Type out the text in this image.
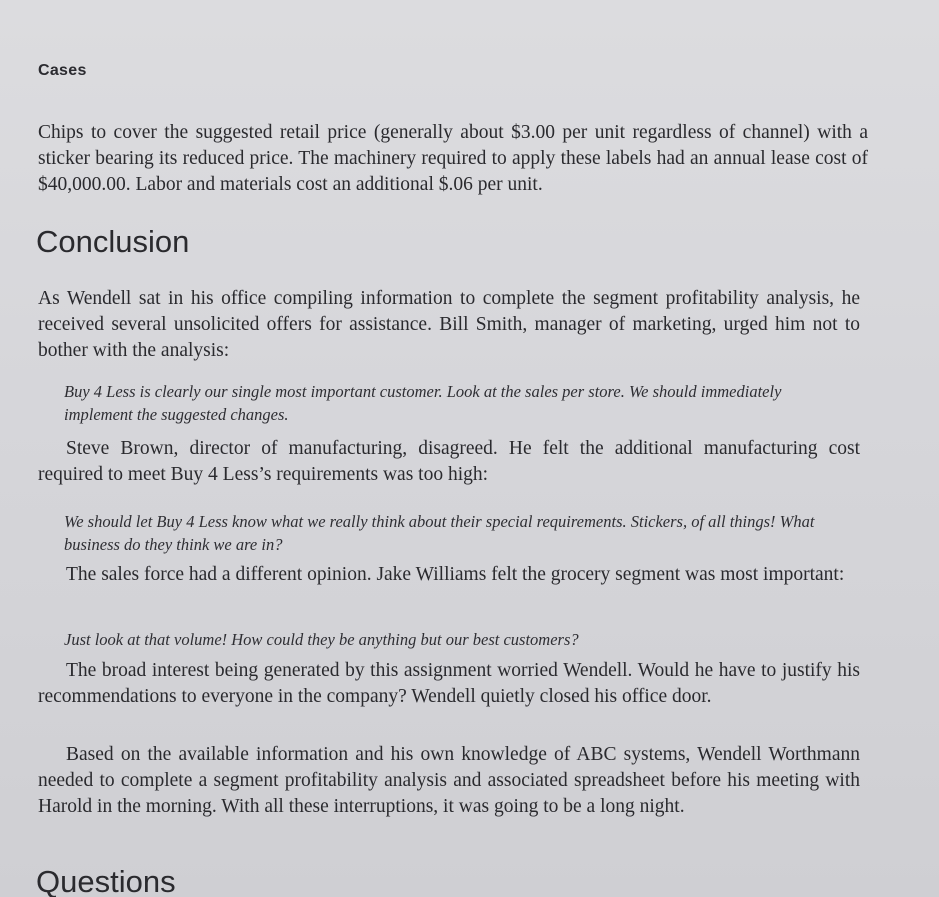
Cases

Chips to cover the suggested retail price (generally about $3.00 per unit regardless of channel) with a sticker bearing its reduced price. The machinery required to apply these labels had an annual lease cost of $40,000.00. Labor and materials cost an additional $.06 per unit.

Conclusion

As Wendell sat in his office compiling information to complete the segment profitability analysis, he received several unsolicited offers for assistance. Bill Smith, manager of marketing, urged him not to bother with the analysis:

Buy 4 Less is clearly our single most important customer. Look at the sales per store. We should immediately implement the suggested changes.

Steve Brown, director of manufacturing, disagreed. He felt the additional manufacturing cost required to meet Buy 4 Less’s requirements was too high:

We should let Buy 4 Less know what we really think about their special requirements. Stickers, of all things! What business do they think we are in?

The sales force had a different opinion. Jake Williams felt the grocery segment was most important:

Just look at that volume! How could they be anything but our best customers?

The broad interest being generated by this assignment worried Wendell. Would he have to justify his recommendations to everyone in the company? Wendell quietly closed his office door.

Based on the available information and his own knowledge of ABC systems, Wendell Worthmann needed to complete a segment profitability analysis and associated spreadsheet before his meeting with Harold in the morning. With all these interruptions, it was going to be a long night.

Questions
